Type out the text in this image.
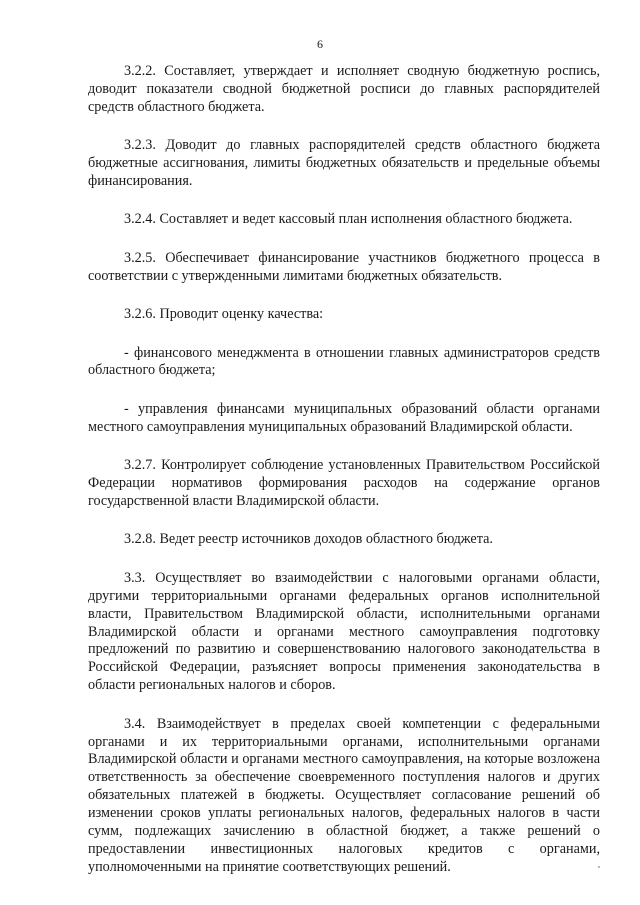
6

3.2.2. Составляет, утверждает и исполняет сводную бюджетную роспись, доводит показатели сводной бюджетной росписи до главных распорядителей средств областного бюджета.

3.2.3. Доводит до главных распорядителей средств областного бюджета бюджетные ассигнования, лимиты бюджетных обязательств и предельные объемы финансирования.

3.2.4. Составляет и ведет кассовый план исполнения областного бюджета.

3.2.5. Обеспечивает финансирование участников бюджетного процесса в соответствии с утвержденными лимитами бюджетных обязательств.

3.2.6. Проводит оценку качества:

- финансового менеджмента в отношении главных администраторов средств областного бюджета;

- управления финансами муниципальных образований области органами местного самоуправления муниципальных образований Владимирской области.

3.2.7. Контролирует соблюдение установленных Правительством Российской Федерации нормативов формирования расходов на содержание органов государственной власти Владимирской области.

3.2.8. Ведет реестр источников доходов областного бюджета.

3.3. Осуществляет во взаимодействии с налоговыми органами области, другими территориальными органами федеральных органов исполнительной власти, Правительством Владимирской области, исполнительными органами Владимирской области и органами местного самоуправления подготовку предложений по развитию и совершенствованию налогового законодательства в Российской Федерации, разъясняет вопросы применения законодательства в области региональных налогов и сборов.

3.4. Взаимодействует в пределах своей компетенции с федеральными органами и их территориальными органами, исполнительными органами Владимирской области и органами местного самоуправления, на которые возложена ответственность за обеспечение своевременного поступления налогов и других обязательных платежей в бюджеты. Осуществляет согласование решений об изменении сроков уплаты региональных налогов, федеральных налогов в части сумм, подлежащих зачислению в областной бюджет, а также решений о предоставлении инвестиционных налоговых кредитов с органами, уполномоченными на принятие соответствующих решений.
